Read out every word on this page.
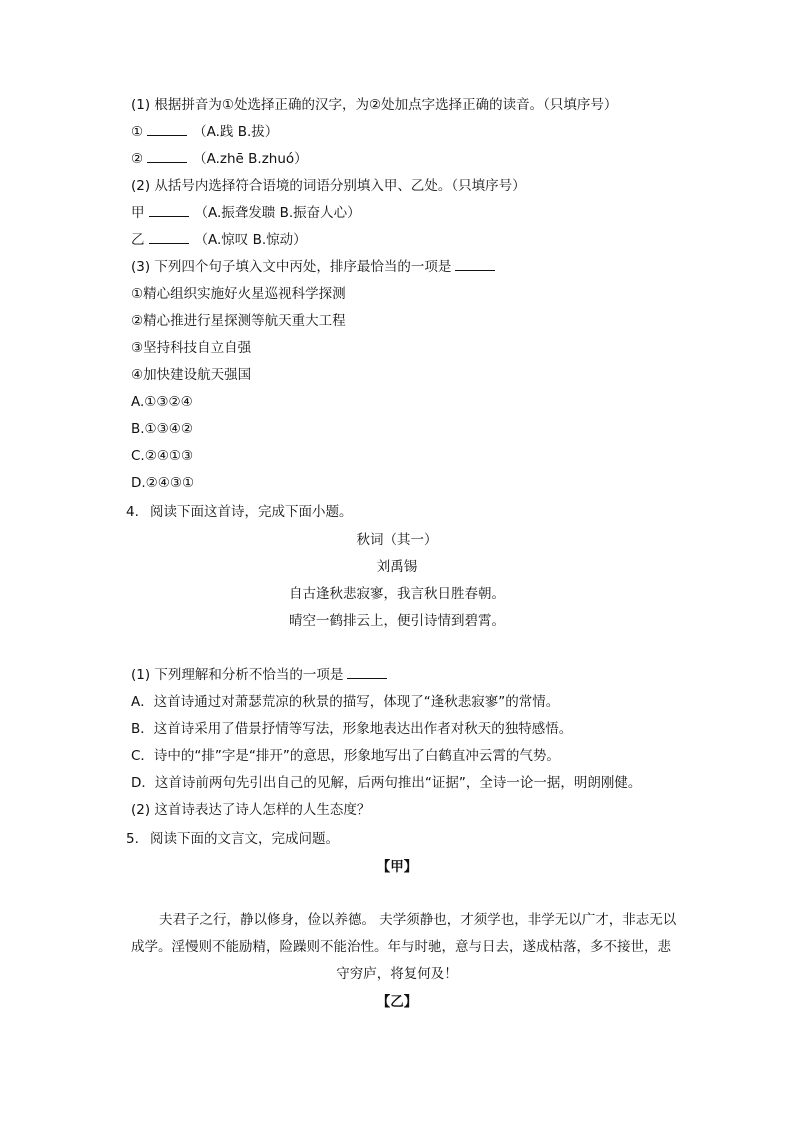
(1) 根据拼音为①处选择正确的汉字，为②处加点字选择正确的读音。（只填序号）
①	（A.践 B.拔）
②	（A.zhē B.zhuó）
(2) 从括号内选择符合语境的词语分别填入甲、乙处。（只填序号）
甲	（A.振聋发聩 B.振奋人心）
乙	（A.惊叹 B.惊动）
(3) 下列四个句子填入文中丙处，排序最恰当的一项是
①精心组织实施好火星巡视科学探测
②精心推进行星探测等航天重大工程
③坚持科技自立自强
④加快建设航天强国
A.①③②④
B.①③④②
C.②④①③
D.②④③①
4. 阅读下面这首诗，完成下面小题。
秋词（其一）
刘禹锡
自古逢秋悲寂寥，我言秋日胜春朝。
晴空一鹤排云上，便引诗情到碧霄。
(1) 下列理解和分析不恰当的一项是
A．这首诗通过对萧瑟荒凉的秋景的描写，体现了“逢秋悲寂寥”的常情。
B．这首诗采用了借景抒情等写法，形象地表达出作者对秋天的独特感悟。
C．诗中的“排”字是“排开”的意思，形象地写出了白鹤直冲云霄的气势。
D．这首诗前两句先引出自己的见解，后两句推出“证据”，全诗一论一据，明朗刚健。
(2) 这首诗表达了诗人怎样的人生态度？
5. 阅读下面的文言文，完成问题。
【甲】
夫君子之行，静以修身，俭以养德。 夫学须静也，才须学也，非学无以广才，非志无以
成学。淫慢则不能励精，险躁则不能治性。年与时驰，意与日去，遂成枯落，多不接世，悲
守穷庐，将复何及！
【乙】
